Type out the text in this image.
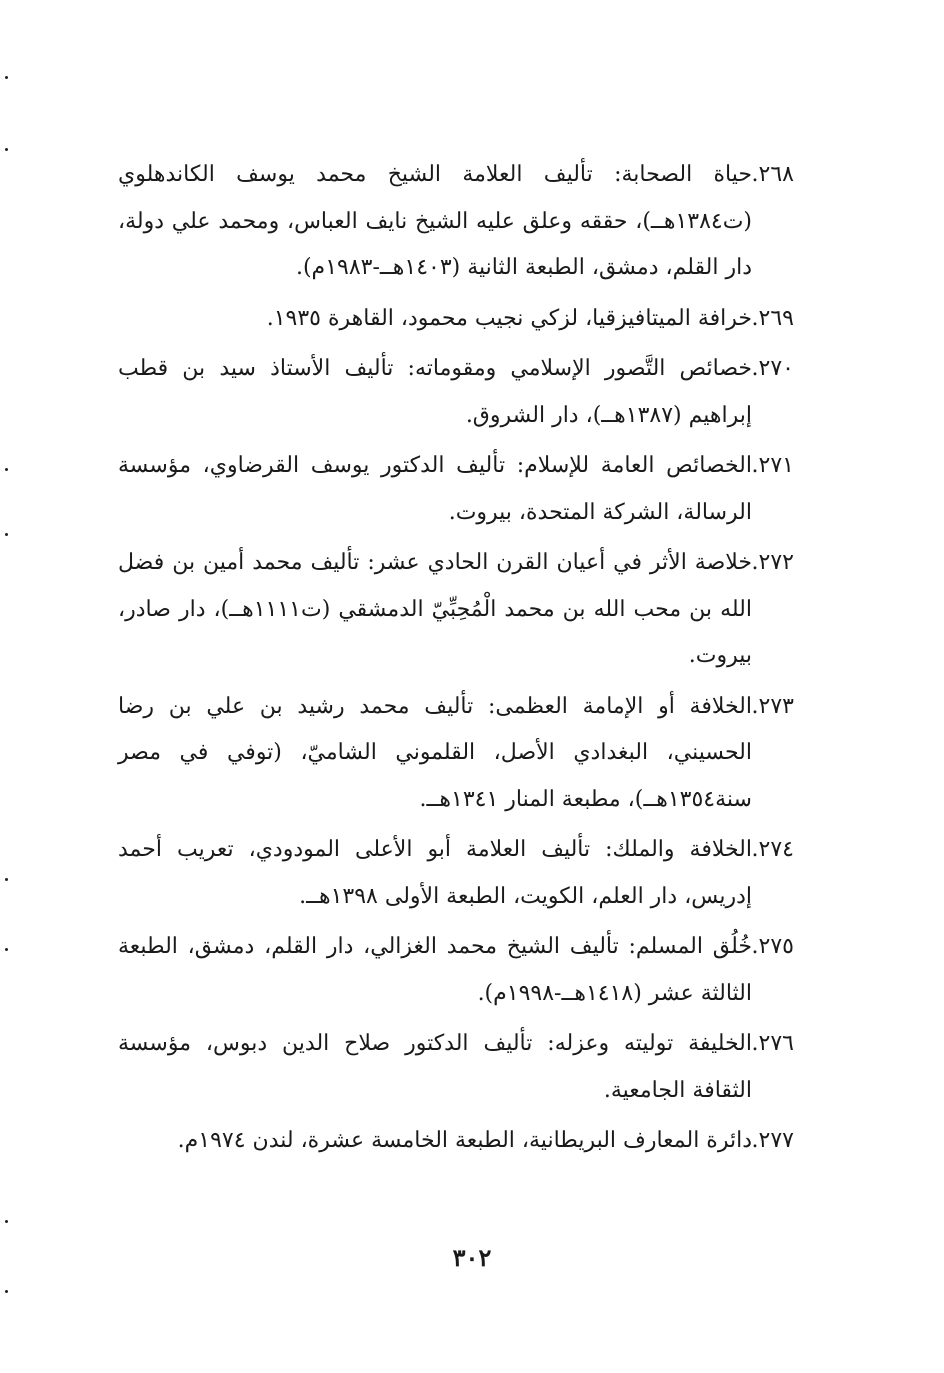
٢٦٨.
حياة الصحابة: تأليف العلامة الشيخ محمد يوسف الكاندهلوي (ت١٣٨٤هــ)، حققه وعلق عليه الشيخ نايف العباس، ومحمد علي دولة، دار القلم، دمشق، الطبعة الثانية (١٤٠٣هــ-١٩٨٣م).
٢٦٩.
خرافة الميتافيزقيا، لزكي نجيب محمود، القاهرة ١٩٣٥.
٢٧٠.
خصائص التَّصور الإسلامي ومقوماته: تأليف الأستاذ سيد بن قطب إبراهيم (١٣٨٧هــ)، دار الشروق.
٢٧١.
الخصائص العامة للإسلام: تأليف الدكتور يوسف القرضاوي، مؤسسة الرسالة، الشركة المتحدة، بيروت.
٢٧٢.
خلاصة الأثر في أعيان القرن الحادي عشر: تأليف محمد أمين بن فضل الله بن محب الله بن محمد الْمُحِبِّيّ الدمشقي (ت١١١١هــ)، دار صادر، بيروت.
٢٧٣.
الخلافة أو الإمامة العظمى: تأليف محمد رشيد بن علي بن رضا الحسيني، البغدادي الأصل، القلموني الشاميّ، (توفي في مصر سنة١٣٥٤هــ)، مطبعة المنار ١٣٤١هــ.
٢٧٤.
الخلافة والملك: تأليف العلامة أبو الأعلى المودودي، تعريب أحمد إدريس، دار العلم، الكويت، الطبعة الأولى ١٣٩٨هــ.
٢٧٥.
خُلُق المسلم: تأليف الشيخ محمد الغزالي، دار القلم، دمشق، الطبعة الثالثة عشر (١٤١٨هــ-١٩٩٨م).
٢٧٦.
الخليفة توليته وعزله: تأليف الدكتور صلاح الدين دبوس، مؤسسة الثقافة الجامعية.
٢٧٧.
دائرة المعارف البريطانية، الطبعة الخامسة عشرة، لندن ١٩٧٤م.
٣٠٢
